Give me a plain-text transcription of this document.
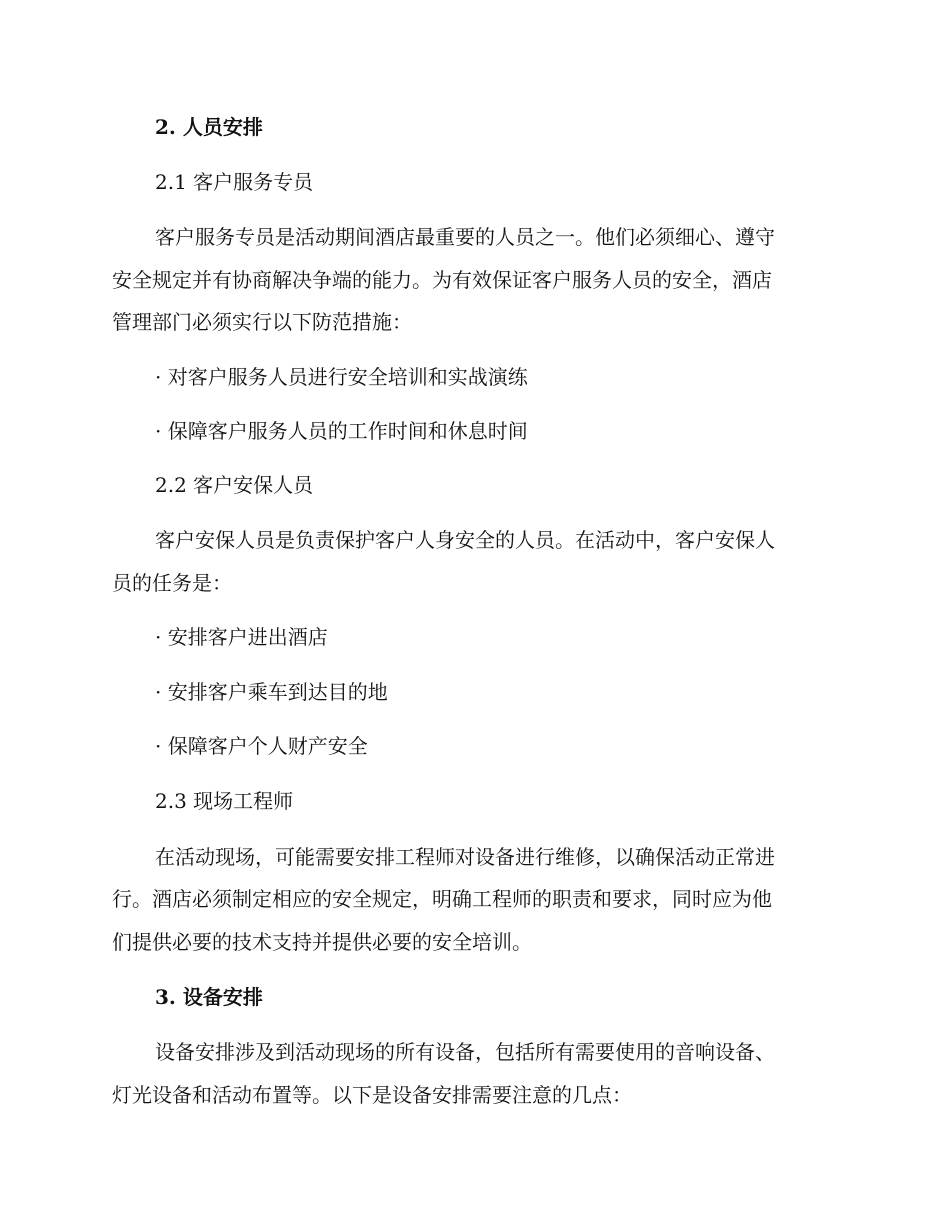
2. 人员安排
2.1 客户服务专员
客户服务专员是活动期间酒店最重要的人员之一。他们必须细心、遵守
安全规定并有协商解决争端的能力。为有效保证客户服务人员的安全，酒店
管理部门必须实行以下防范措施：
· 对客户服务人员进行安全培训和实战演练
· 保障客户服务人员的工作时间和休息时间
2.2 客户安保人员
客户安保人员是负责保护客户人身安全的人员。在活动中，客户安保人
员的任务是：
· 安排客户进出酒店
· 安排客户乘车到达目的地
· 保障客户个人财产安全
2.3 现场工程师
在活动现场，可能需要安排工程师对设备进行维修，以确保活动正常进
行。酒店必须制定相应的安全规定，明确工程师的职责和要求，同时应为他
们提供必要的技术支持并提供必要的安全培训。
3. 设备安排
设备安排涉及到活动现场的所有设备，包括所有需要使用的音响设备、
灯光设备和活动布置等。以下是设备安排需要注意的几点：
